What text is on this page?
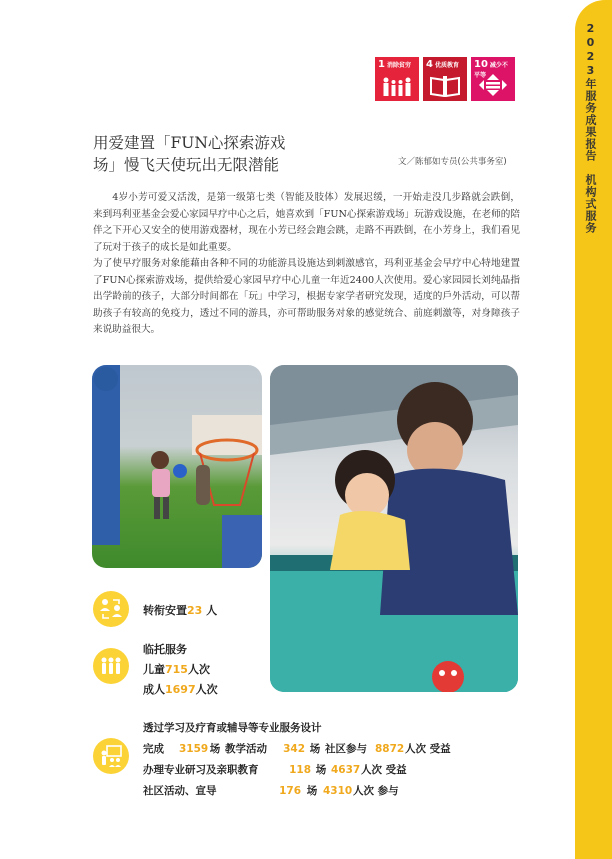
2023年服务成果报告机构式服务
1 消除贫穷	4 优质教育	10 减少不平等
用爱建置「FUN心探索游戏
场」慢飞天使玩出无限潜能	文／陈郁如专员(公共事务室)

4岁小芳可爱又活泼，是第一级第七类（智能及肢体）发展迟缓，一开始走没几步路就会跌倒，来到玛利亚基金会爱心家园早疗中心之后，她喜欢到「FUN心探索游戏场」玩游戏设施，在老师的陪伴之下开心又安全的使用游戏器材，现在小芳已经会跑会跳，走路不再跌倒，在小芳身上，我们看见了玩对于孩子的成长是如此重要。

为了使早疗服务对象能藉由各种不同的功能游具设施达到刺激感官，玛利亚基金会早疗中心特地建置了FUN心探索游戏场，提供给爱心家园早疗中心儿童一年近2400人次使用。爱心家园园长刘纯晶指出学龄前的孩子，大部分时间都在「玩」中学习，根据专家学者研究发现，适度的戶外活动，可以帮助孩子有较高的免疫力，透过不同的游具，亦可帮助服务对象的感觉统合、前庭刺激等，对身障孩子来说助益很大。

转衔安置23 人
临托服务
儿童715人次
成人1697人次
透过学习及疗育或辅导等专业服务设计
完成	3159 场 教学活动	342 场 社区参与 8872 人次 受益
办理专业研习及亲职教育	118 场 4637 人次 受益
社区活动、宣导	176 场 4310 人次 参与
